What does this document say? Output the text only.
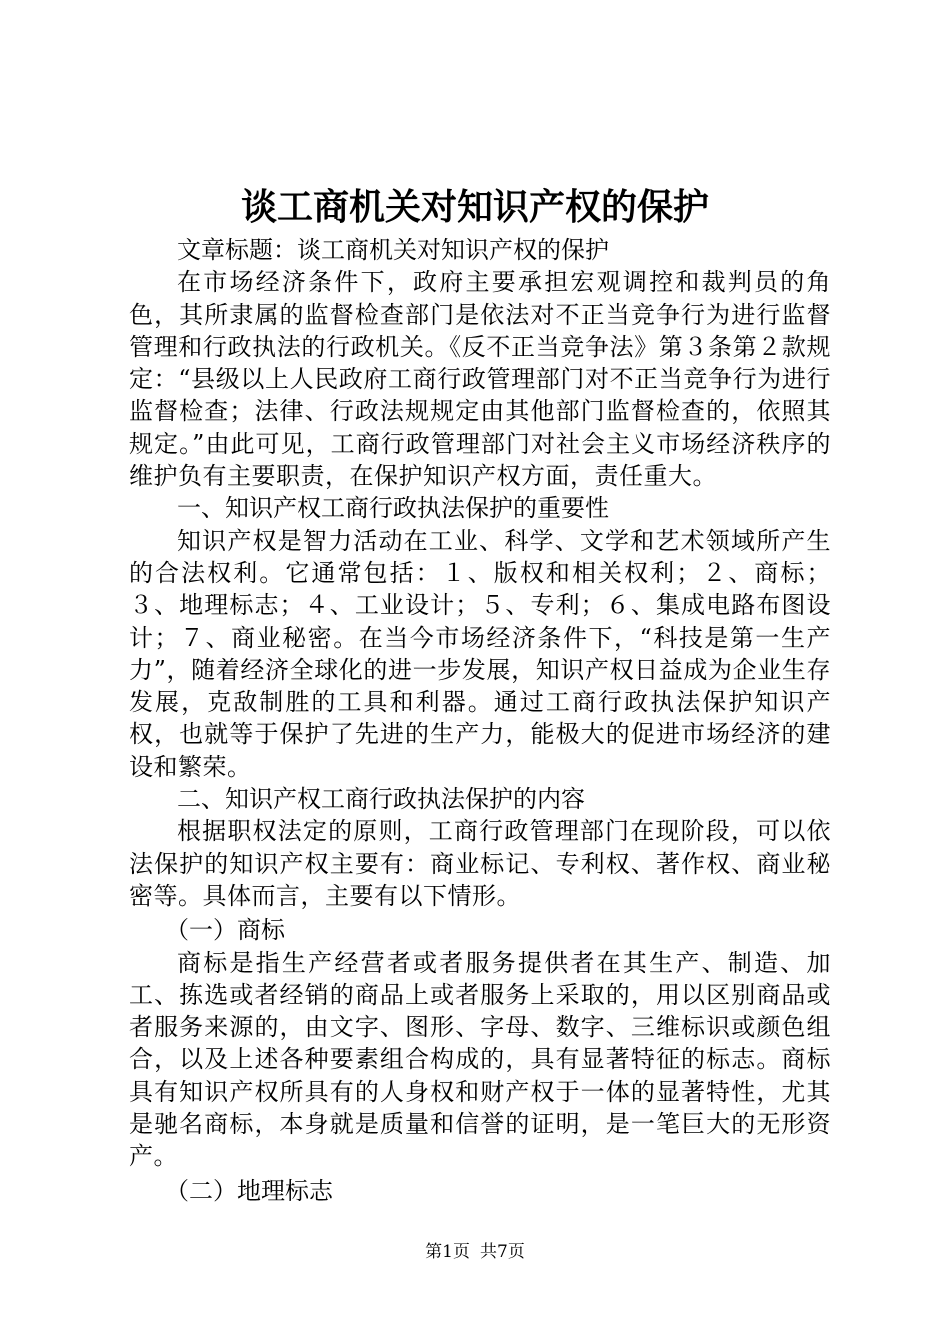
谈工商机关对知识产权的保护

文章标题：谈工商机关对知识产权的保护

在市场经济条件下，政府主要承担宏观调控和裁判员的角色，其所隶属的监督检查部门是依法对不正当竞争行为进行监督管理和行政执法的行政机关。《反不正当竞争法》第３条第２款规定：“县级以上人民政府工商行政管理部门对不正当竞争行为进行监督检查；法律、行政法规规定由其他部门监督检查的，依照其规定。”由此可见，工商行政管理部门对社会主义市场经济秩序的维护负有主要职责，在保护知识产权方面，责任重大。

一、知识产权工商行政执法保护的重要性

知识产权是智力活动在工业、科学、文学和艺术领域所产生的合法权利。它通常包括：１、版权和相关权利；２、商标；３、地理标志；４、工业设计；５、专利；６、集成电路布图设计；７、商业秘密。在当今市场经济条件下，“科技是第一生产力”，随着经济全球化的进一步发展，知识产权日益成为企业生存发展，克敌制胜的工具和利器。通过工商行政执法保护知识产权，也就等于保护了先进的生产力，能极大的促进市场经济的建设和繁荣。

二、知识产权工商行政执法保护的内容

根据职权法定的原则，工商行政管理部门在现阶段，可以依法保护的知识产权主要有：商业标记、专利权、著作权、商业秘密等。具体而言，主要有以下情形。

（一）商标

商标是指生产经营者或者服务提供者在其生产、制造、加工、拣选或者经销的商品上或者服务上采取的，用以区别商品或者服务来源的，由文字、图形、字母、数字、三维标识或颜色组合，以及上述各种要素组合构成的，具有显著特征的标志。商标具有知识产权所具有的人身权和财产权于一体的显著特性，尤其是驰名商标，本身就是质量和信誉的证明，是一笔巨大的无形资产。

（二）地理标志

第1页 共7页
